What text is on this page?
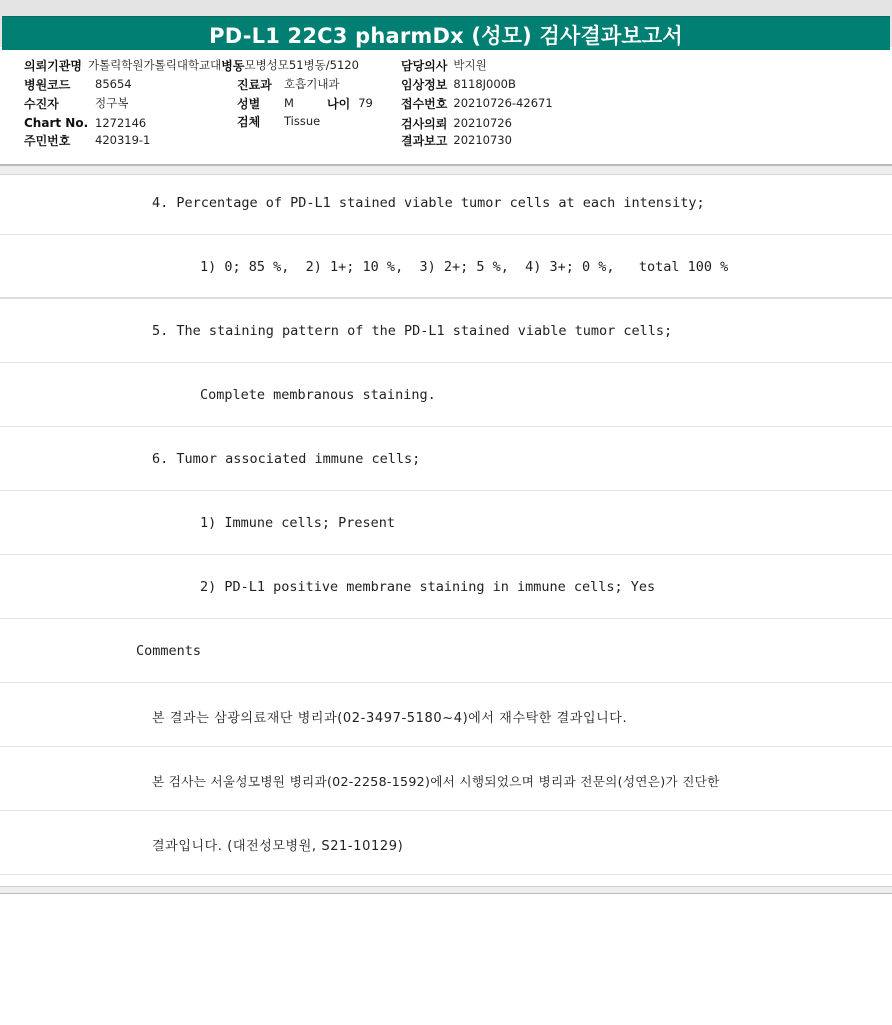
PD-L1 22C3 pharmDx (성모) 검사결과보고서
의뢰기관명 가톨릭학원가톨릭대학교대 병동 모병성모51병동/5120	담당의사 박지원
병원코드	85654	진료과	호흡기내과	임상정보 8118J000B
수진자	정구복	성별	M	나이 79 접수번호 20210726-42671
Chart No. 1272146	검체	Tissue	검사의뢰 20210726
주민번호	420319-1	결과보고 20210730

4. Percentage of PD-L1 stained viable tumor cells at each intensity;

1) 0; 85 %,  2) 1+; 10 %,  3) 2+; 5 %,  4) 3+; 0 %,   total 100 %

5. The staining pattern of the PD-L1 stained viable tumor cells;

Complete membranous staining.

6. Tumor associated immune cells;

1) Immune cells; Present

2) PD-L1 positive membrane staining in immune cells; Yes

Comments

본 결과는 삼광의료재단 병리과(02-3497-5180~4)에서 재수탁한 결과입니다.

본 검사는 서울성모병원 병리과(02-2258-1592)에서 시행되었으며 병리과 전문의(성연은)가 진단한

결과입니다. (대전성모병원, S21-10129)
